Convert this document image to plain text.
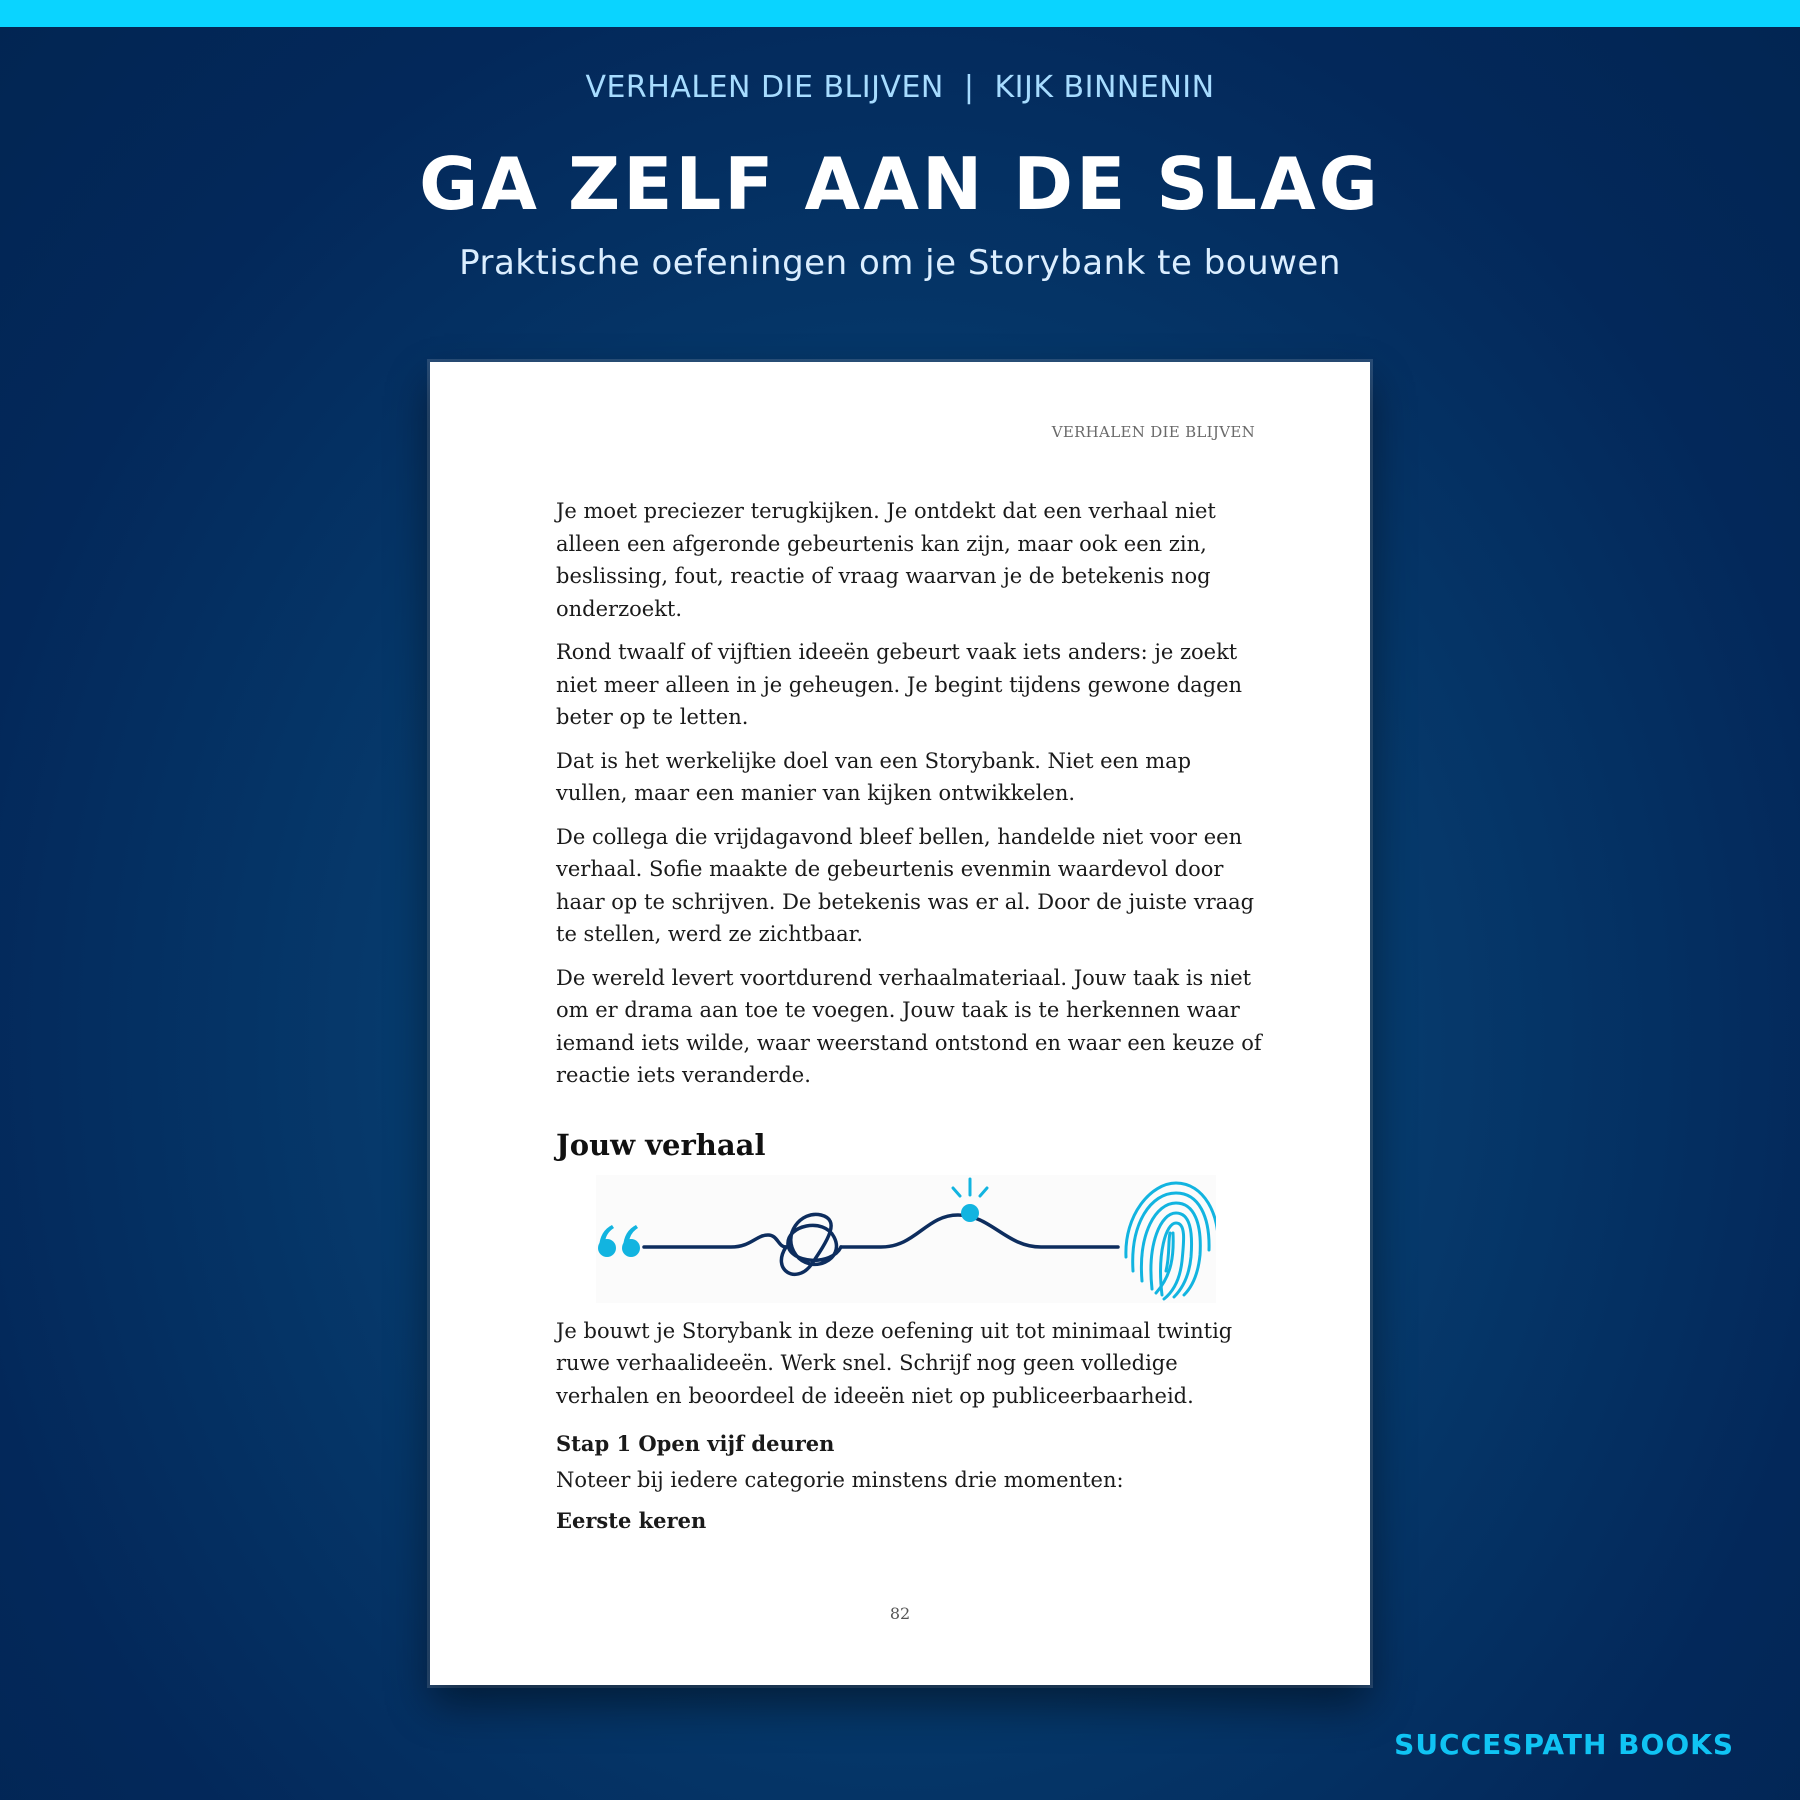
VERHALEN DIE BLIJVEN | KIJK BINNENIN
GA ZELF AAN DE SLAG
Praktische oefeningen om je Storybank te bouwen
VERHALEN DIE BLIJVEN

Je moet preciezer terugkijken. Je ontdekt dat een verhaal niet alleen een afgeronde gebeurtenis kan zijn, maar ook een zin, beslissing, fout, reactie of vraag waarvan je de betekenis nog onderzoekt.

Rond twaalf of vijftien ideeën gebeurt vaak iets anders: je zoekt niet meer alleen in je geheugen. Je begint tijdens gewone dagen beter op te letten.

Dat is het werkelijke doel van een Storybank. Niet een map vullen, maar een manier van kijken ontwikkelen.

De collega die vrijdagavond bleef bellen, handelde niet voor een verhaal. Sofie maakte de gebeurtenis evenmin waardevol door haar op te schrijven. De betekenis was er al. Door de juiste vraag te stellen, werd ze zichtbaar.

De wereld levert voortdurend verhaalmateriaal. Jouw taak is niet om er drama aan toe te voegen. Jouw taak is te herkennen waar iemand iets wilde, waar weerstand ontstond en waar een keuze of reactie iets veranderde.

Jouw verhaal

Je bouwt je Storybank in deze oefening uit tot minimaal twintig ruwe verhaalideeën. Werk snel. Schrijf nog geen volledige verhalen en beoordeel de ideeën niet op publiceerbaarheid.

Stap 1 Open vijf deuren

Noteer bij iedere categorie minstens drie momenten:

Eerste keren
82
SUCCESPATH BOOKS
